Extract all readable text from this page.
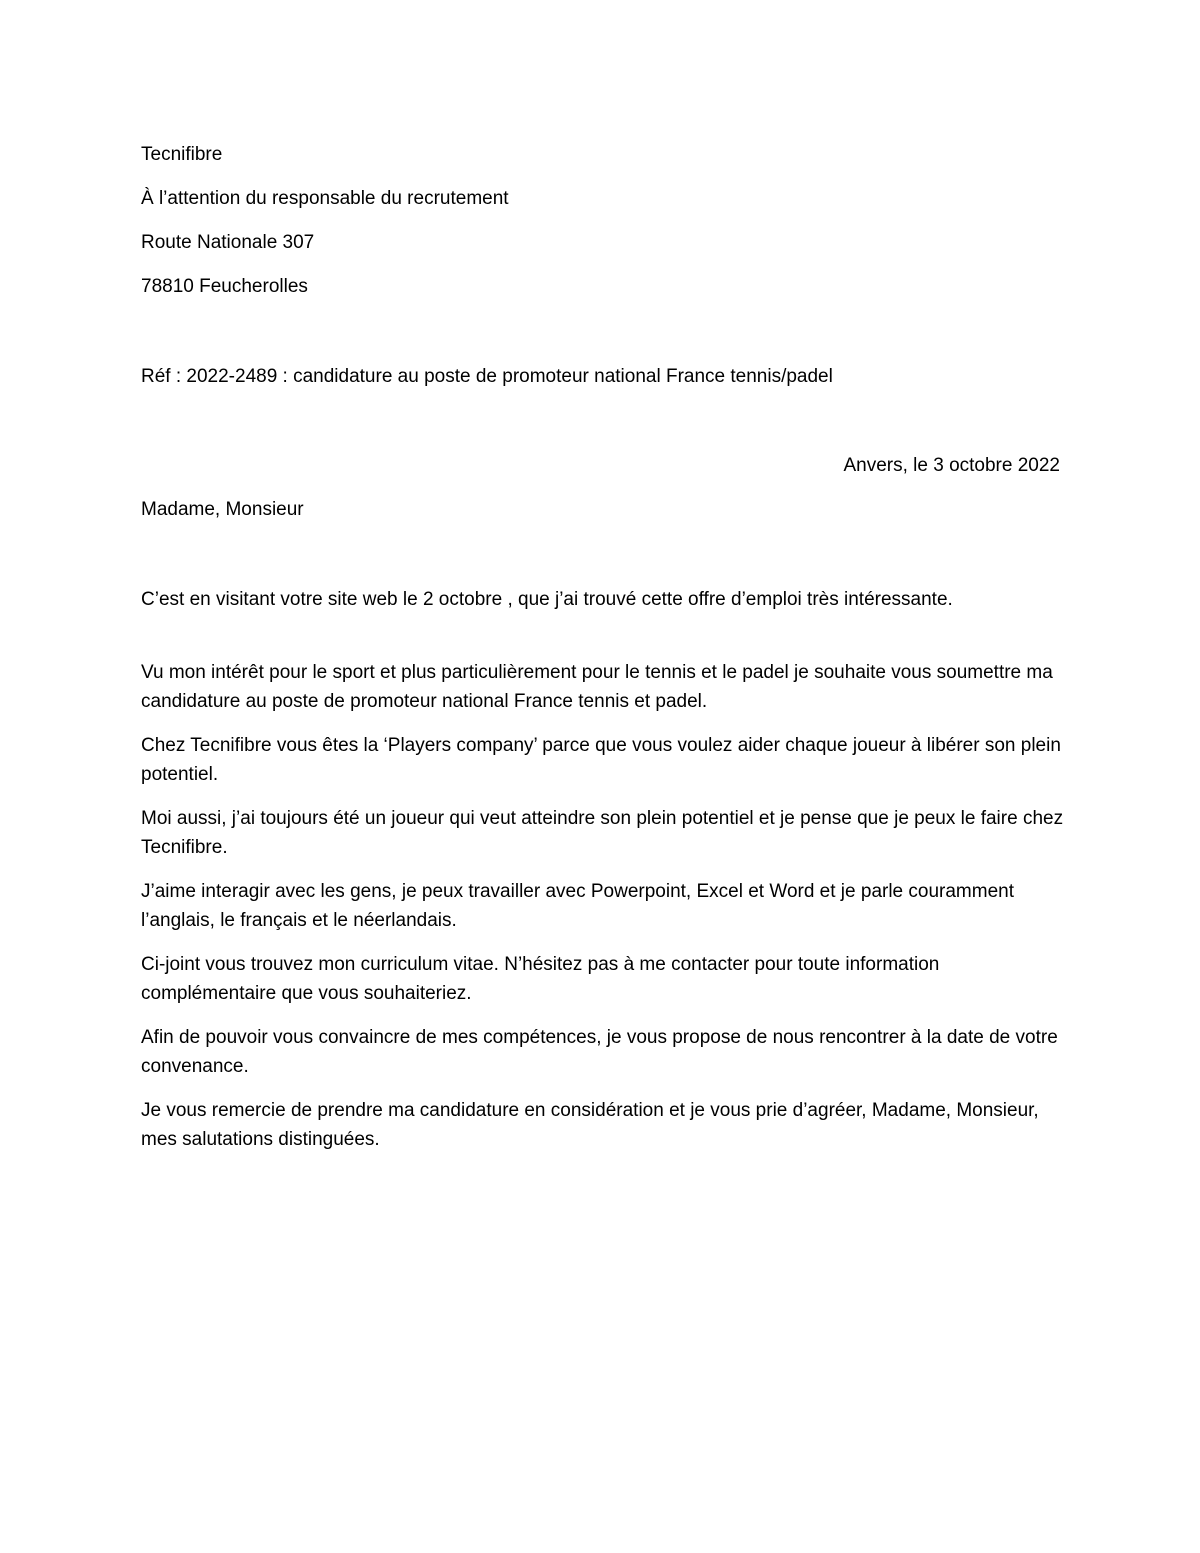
Tecnifibre

À l’attention du responsable du recrutement

Route Nationale 307

78810 Feucherolles

Réf : 2022-2489 : candidature au poste de promoteur national France tennis/padel

Anvers, le 3 octobre 2022

Madame, Monsieur

C’est en visitant votre site web le 2 octobre , que j’ai trouvé cette offre d’emploi très intéressante.

Vu mon intérêt pour le sport et plus particulièrement pour le tennis et le padel je souhaite vous soumettre ma candidature au poste de promoteur national France tennis et padel.

Chez Tecnifibre vous êtes la ‘Players company’ parce que vous voulez aider chaque joueur à libérer son plein potentiel.

Moi aussi, j’ai toujours été un joueur qui veut atteindre son plein potentiel et je pense que je peux le faire chez Tecnifibre.

J’aime interagir avec les gens, je peux travailler avec Powerpoint, Excel et Word et je parle couramment l’anglais, le français et le néerlandais.

Ci-joint vous trouvez mon curriculum vitae. N’hésitez pas à me contacter pour toute information complémentaire que vous souhaiteriez.

Afin de pouvoir vous convaincre de mes compétences, je vous propose de nous rencontrer à la date de votre convenance.

Je vous remercie de prendre ma candidature en considération et je vous prie d’agréer, Madame, Monsieur, mes salutations distinguées.
